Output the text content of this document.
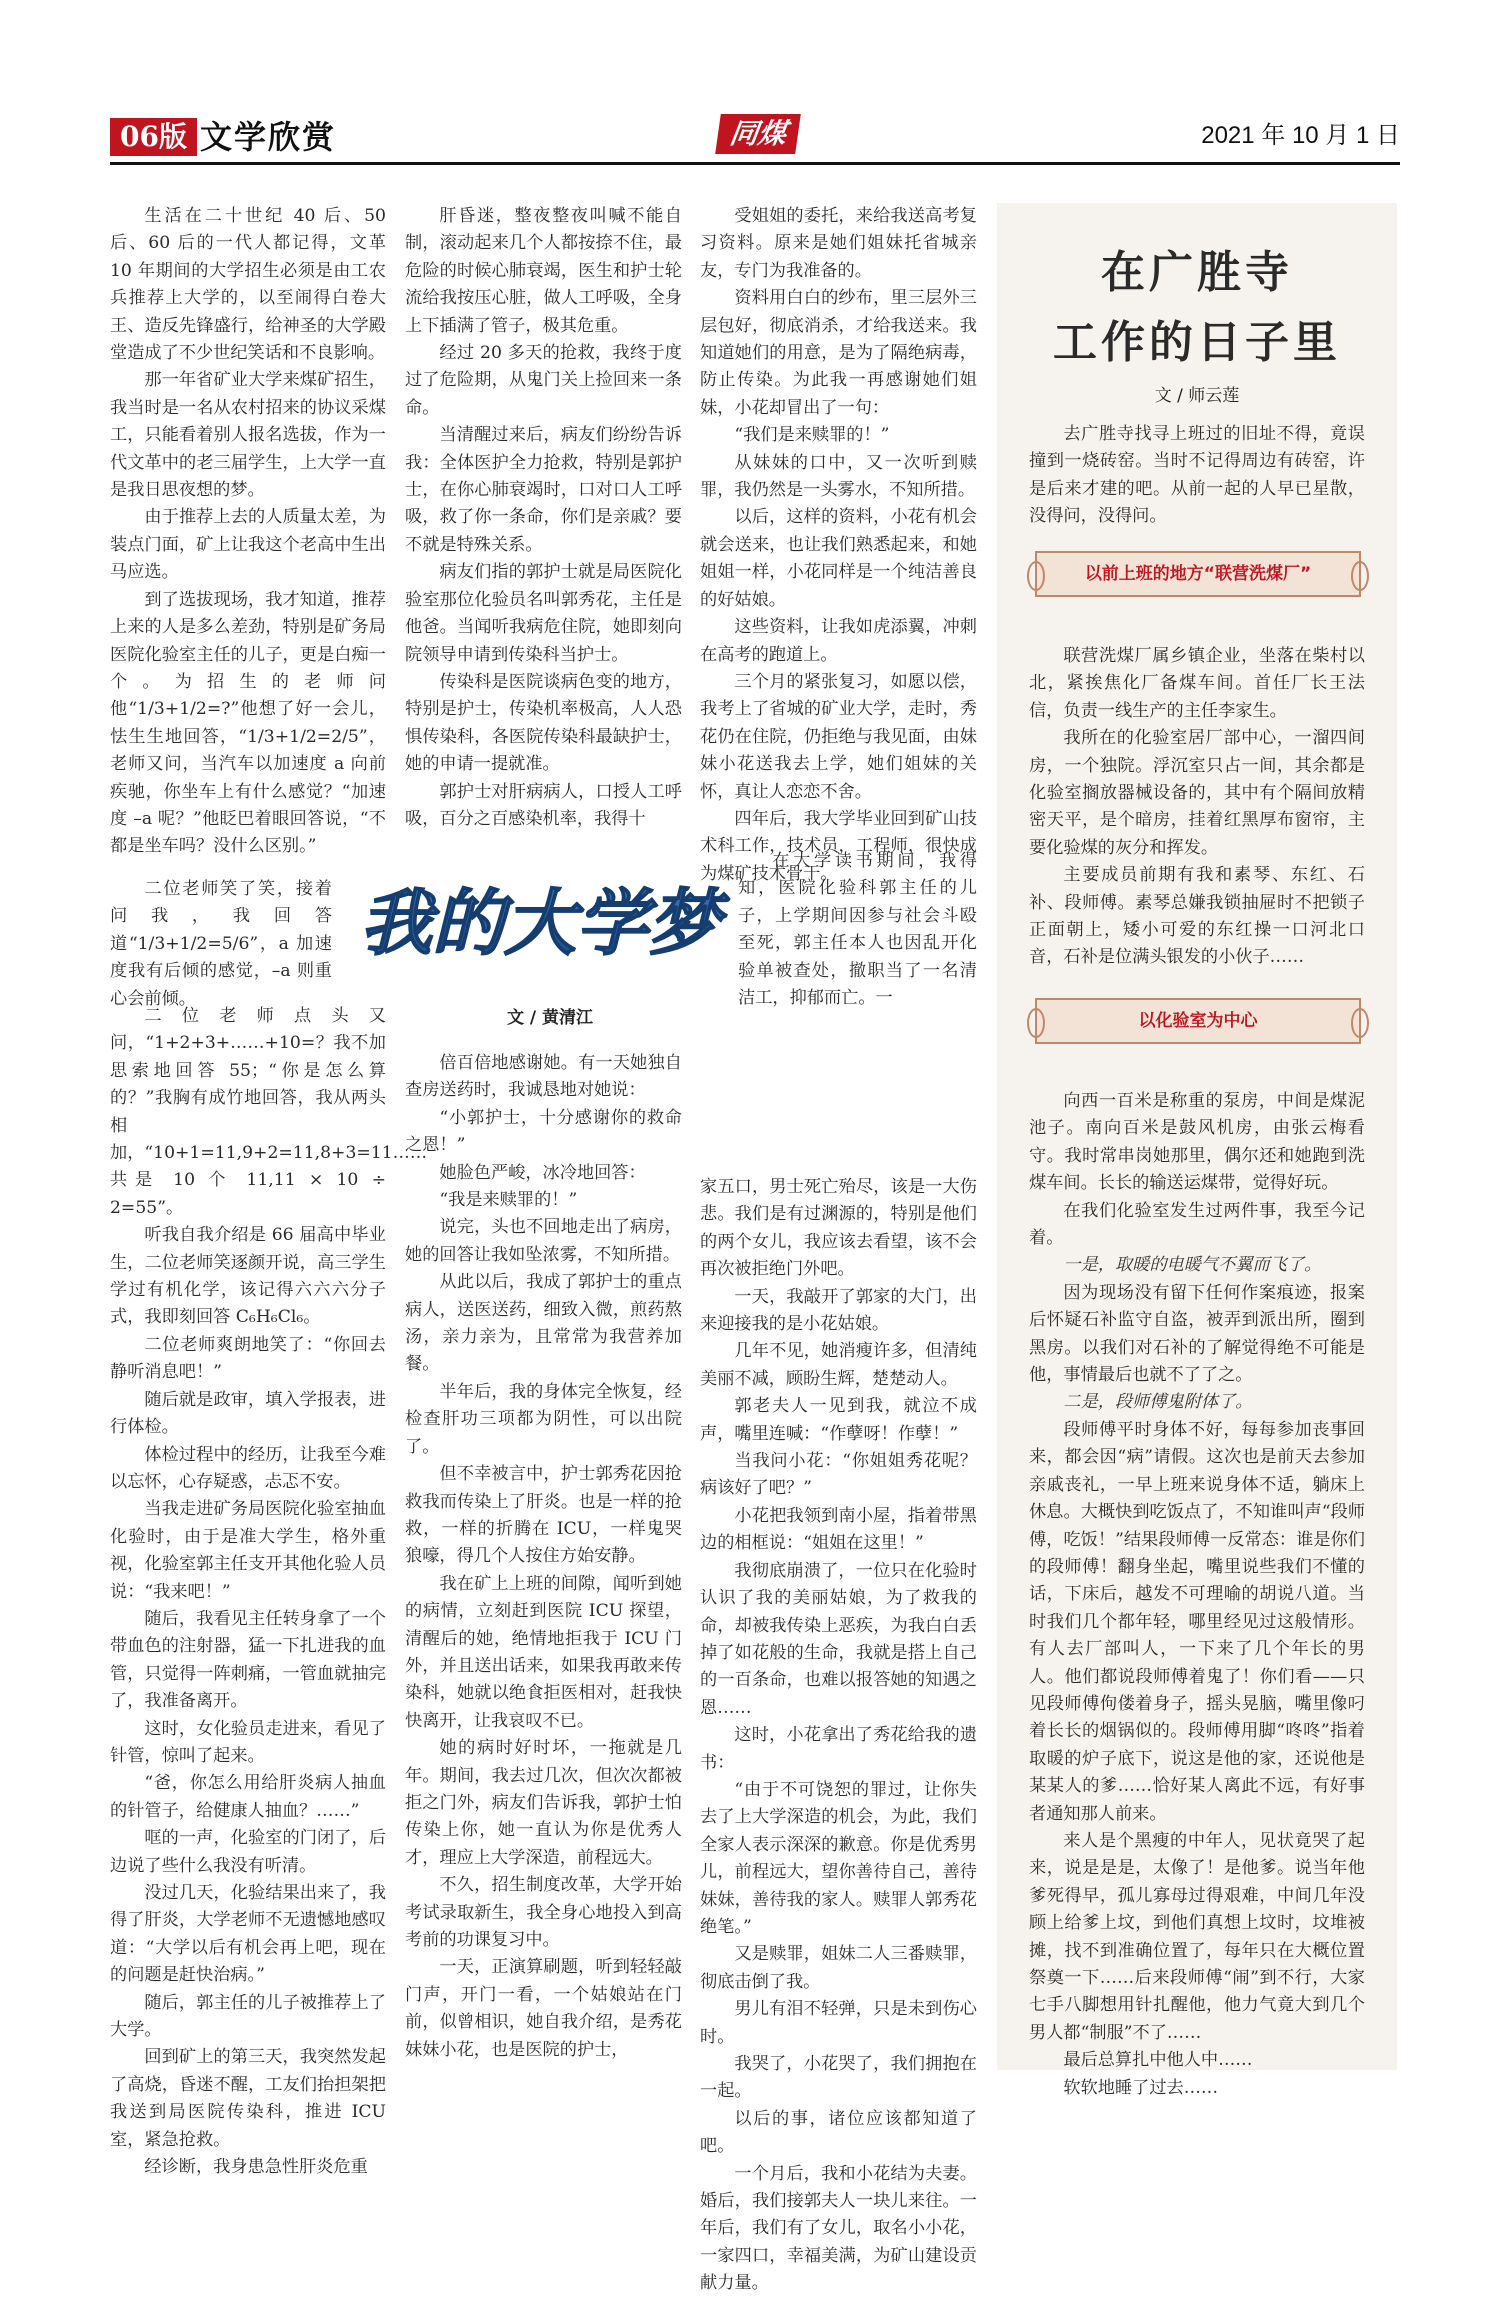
06版 文学欣赏	同煤	2021 年 10 月 1 日

生活在二十世纪 40 后、50 后、60 后的一代人都记得，文革 10 年期间的大学招生必须是由工农兵推荐上大学的，以至闹得白卷大王、造反先锋盛行，给神圣的大学殿堂造成了不少世纪笑话和不良影响。

那一年省矿业大学来煤矿招生，我当时是一名从农村招来的协议采煤工，只能看着别人报名选拔，作为一代文革中的老三届学生，上大学一直是我日思夜想的梦。

由于推荐上去的人质量太差，为装点门面，矿上让我这个老高中生出马应选。

到了选拔现场，我才知道，推荐上来的人是多么差劲，特别是矿务局医院化验室主任的儿子，更是白痴一个。为招生的老师问他“1/3+1/2=?”他想了好一会儿，怯生生地回答，“1/3+1/2=2/5”，老师又问，当汽车以加速度 a 向前疾驰，你坐车上有什么感觉？“加速度 –a 呢？”他眨巴着眼回答说，“不都是坐车吗？没什么区别。”

二位老师笑了笑，接着问我，我回答道“1/3+1/2=5/6”，a 加速度我有后倾的感觉，–a 则重心会前倾。

二位老师点头又问，“1+2+3+……+10=？我不加思索地回答 55；“你是怎么算的？”我胸有成竹地回答，我从两头相加，“10+1=11,9+2=11,8+3=11……共是 10 个 11,11 × 10 ÷ 2=55”。

听我自我介绍是 66 届高中毕业生，二位老师笑逐颜开说，高三学生学过有机化学，该记得六六六分子式，我即刻回答 C₆H₆Cl₆。

二位老师爽朗地笑了：“你回去静听消息吧！”

随后就是政审，填入学报表，进行体检。

体检过程中的经历，让我至今难以忘怀，心存疑惑，忐忑不安。

当我走进矿务局医院化验室抽血化验时，由于是准大学生，格外重视，化验室郭主任支开其他化验人员说：“我来吧！”

随后，我看见主任转身拿了一个带血色的注射器，猛一下扎进我的血管，只觉得一阵刺痛，一管血就抽完了，我准备离开。

这时，女化验员走进来，看见了针管，惊叫了起来。

“爸，你怎么用给肝炎病人抽血的针管子，给健康人抽血？……”

哐的一声，化验室的门闭了，后边说了些什么我没有听清。

没过几天，化验结果出来了，我得了肝炎，大学老师不无遗憾地感叹道：“大学以后有机会再上吧，现在的问题是赶快治病。”

随后，郭主任的儿子被推荐上了大学。

回到矿上的第三天，我突然发起了高烧，昏迷不醒，工友们抬担架把我送到局医院传染科，推进 ICU 室，紧急抢救。

经诊断，我身患急性肝炎危重

肝昏迷，整夜整夜叫喊不能自制，滚动起来几个人都按捺不住，最危险的时候心肺衰竭，医生和护士轮流给我按压心脏，做人工呼吸，全身上下插满了管子，极其危重。

经过 20 多天的抢救，我终于度过了危险期，从鬼门关上捡回来一条命。

当清醒过来后，病友们纷纷告诉我：全体医护全力抢救，特别是郭护士，在你心肺衰竭时，口对口人工呼吸，救了你一条命，你们是亲戚？要不就是特殊关系。

病友们指的郭护士就是局医院化验室那位化验员名叫郭秀花，主任是他爸。当闻听我病危住院，她即刻向院领导申请到传染科当护士。

传染科是医院谈病色变的地方，特别是护士，传染机率极高，人人恐惧传染科，各医院传染科最缺护士，她的申请一提就准。

郭护士对肝病病人，口授人工呼吸，百分之百感染机率，我得十

我的大学梦
文 / 黄清江

倍百倍地感谢她。有一天她独自查房送药时，我诚恳地对她说：

“小郭护士，十分感谢你的救命之恩！”

她脸色严峻，冰冷地回答：

“我是来赎罪的！”

说完，头也不回地走出了病房，她的回答让我如坠浓雾，不知所措。

从此以后，我成了郭护士的重点病人，送医送药，细致入微，煎药熬汤，亲力亲为，且常常为我营养加餐。

半年后，我的身体完全恢复，经检查肝功三项都为阴性，可以出院了。

但不幸被言中，护士郭秀花因抢救我而传染上了肝炎。也是一样的抢救，一样的折腾在 ICU，一样鬼哭狼嚎，得几个人按住方始安静。

我在矿上上班的间隙，闻听到她的病情，立刻赶到医院 ICU 探望，清醒后的她，绝情地拒我于 ICU 门外，并且送出话来，如果我再敢来传染科，她就以绝食拒医相对，赶我快快离开，让我哀叹不已。

她的病时好时坏，一拖就是几年。期间，我去过几次，但次次都被拒之门外，病友们告诉我，郭护士怕传染上你，她一直认为你是优秀人才，理应上大学深造，前程远大。

不久，招生制度改革，大学开始考试录取新生，我全身心地投入到高考前的功课复习中。

一天，正演算刷题，听到轻轻敲门声，开门一看，一个姑娘站在门前，似曾相识，她自我介绍，是秀花妹妹小花，也是医院的护士，

受姐姐的委托，来给我送高考复习资料。原来是她们姐妹托省城亲友，专门为我准备的。

资料用白白的纱布，里三层外三层包好，彻底消杀，才给我送来。我知道她们的用意，是为了隔绝病毒，防止传染。为此我一再感谢她们姐妹，小花却冒出了一句：

“我们是来赎罪的！”

从妹妹的口中，又一次听到赎罪，我仍然是一头雾水，不知所措。

以后，这样的资料，小花有机会就会送来，也让我们熟悉起来，和她姐姐一样，小花同样是一个纯洁善良的好姑娘。

这些资料，让我如虎添翼，冲刺在高考的跑道上。

三个月的紧张复习，如愿以偿，我考上了省城的矿业大学，走时，秀花仍在住院，仍拒绝与我见面，由妹妹小花送我去上学，她们姐妹的关怀，真让人恋恋不舍。

四年后，我大学毕业回到矿山技术科工作，技术员，工程师，很快成为煤矿技术骨干。

在大学读书期间，我得知，医院化验科郭主任的儿子，上学期间因参与社会斗殴至死，郭主任本人也因乱开化验单被查处，撤职当了一名清洁工，抑郁而亡。一

家五口，男士死亡殆尽，该是一大伤悲。我们是有过渊源的，特别是他们的两个女儿，我应该去看望，该不会再次被拒绝门外吧。

一天，我敲开了郭家的大门，出来迎接我的是小花姑娘。

几年不见，她消瘦许多，但清纯美丽不减，顾盼生辉，楚楚动人。

郭老夫人一见到我，就泣不成声，嘴里连喊：“作孽呀！作孽！”

当我问小花：“你姐姐秀花呢？病该好了吧？”

小花把我领到南小屋，指着带黑边的相框说：“姐姐在这里！”

我彻底崩溃了，一位只在化验时认识了我的美丽姑娘，为了救我的命，却被我传染上恶疾，为我白白丢掉了如花般的生命，我就是搭上自己的一百条命，也难以报答她的知遇之恩……

这时，小花拿出了秀花给我的遗书：

“由于不可饶恕的罪过，让你失去了上大学深造的机会，为此，我们全家人表示深深的歉意。你是优秀男儿，前程远大，望你善待自己，善待妹妹，善待我的家人。赎罪人郭秀花绝笔。”

又是赎罪，姐妹二人三番赎罪，彻底击倒了我。

男儿有泪不轻弹，只是未到伤心时。

我哭了，小花哭了，我们拥抱在一起。

以后的事，诸位应该都知道了吧。

一个月后，我和小花结为夫妻。婚后，我们接郭夫人一块儿来往。一年后，我们有了女儿，取名小小花，一家四口，幸福美满，为矿山建设贡献力量。

在广胜寺
工作的日子里
文 / 师云莲

去广胜寺找寻上班过的旧址不得，竟误撞到一烧砖窑。当时不记得周边有砖窑，许是后来才建的吧。从前一起的人早已星散，没得问，没得问。

以前上班的地方“联营洗煤厂”

联营洗煤厂属乡镇企业，坐落在柴村以北，紧挨焦化厂备煤车间。首任厂长王法信，负责一线生产的主任李家生。

我所在的化验室居厂部中心，一溜四间房，一个独院。浮沉室只占一间，其余都是化验室搁放器械设备的，其中有个隔间放精密天平，是个暗房，挂着红黑厚布窗帘，主要化验煤的灰分和挥发。

主要成员前期有我和素琴、东红、石补、段师傅。素琴总嫌我锁抽屉时不把锁子正面朝上，矮小可爱的东红操一口河北口音，石补是位满头银发的小伙子……

以化验室为中心

向西一百米是称重的泵房，中间是煤泥池子。南向百米是鼓风机房，由张云梅看守。我时常串岗她那里，偶尔还和她跑到洗煤车间。长长的输送运煤带，觉得好玩。

在我们化验室发生过两件事，我至今记着。

一是，取暖的电暖气不翼而飞了。

因为现场没有留下任何作案痕迹，报案后怀疑石补监守自盗，被弄到派出所，圈到黑房。以我们对石补的了解觉得绝不可能是他，事情最后也就不了了之。

二是，段师傅鬼附体了。

段师傅平时身体不好，每每参加丧事回来，都会因“病”请假。这次也是前天去参加亲戚丧礼，一早上班来说身体不适，躺床上休息。大概快到吃饭点了，不知谁叫声“段师傅，吃饭！”结果段师傅一反常态：谁是你们的段师傅！翻身坐起，嘴里说些我们不懂的话，下床后，越发不可理喻的胡说八道。当时我们几个都年轻，哪里经见过这般情形。有人去厂部叫人，一下来了几个年长的男人。他们都说段师傅着鬼了！你们看——只见段师傅佝偻着身子，摇头晃脑，嘴里像叼着长长的烟锅似的。段师傅用脚“咚咚”指着取暖的炉子底下，说这是他的家，还说他是某某人的爹……恰好某人离此不远，有好事者通知那人前来。

来人是个黑瘦的中年人，见状竟哭了起来，说是是是，太像了！是他爹。说当年他爹死得早，孤儿寡母过得艰难，中间几年没顾上给爹上坟，到他们真想上坟时，坟堆被摊，找不到准确位置了，每年只在大概位置祭奠一下……后来段师傅“闹”到不行，大家七手八脚想用针扎醒他，他力气竟大到几个男人都“制服”不了……

最后总算扎中他人中……

软软地睡了过去……
